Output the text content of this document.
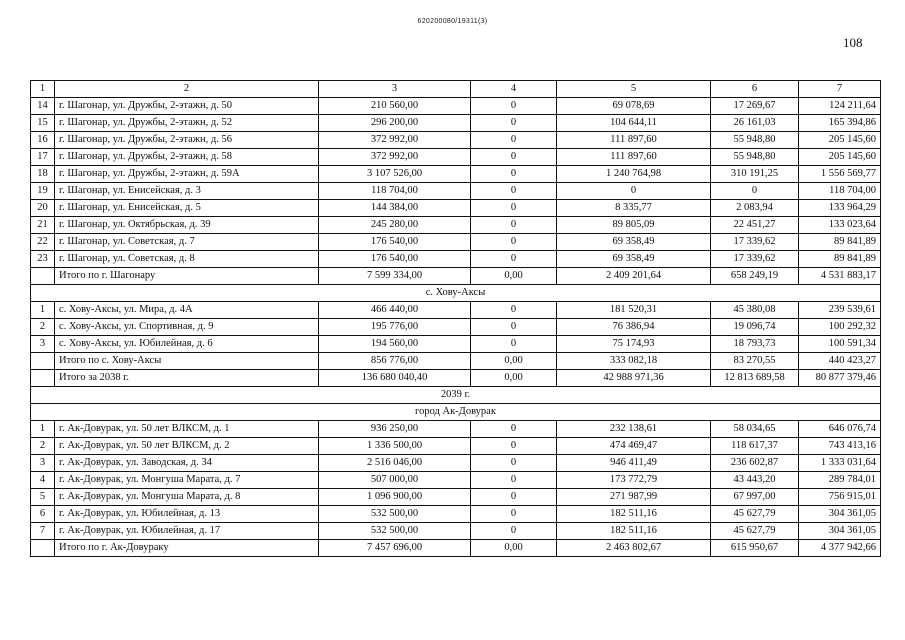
620200080/19311(3)
108
1	2	3	4	5	6	7
14	г. Шагонар, ул. Дружбы, 2-этажн, д. 50	210 560,00	0	69 078,69	17 269,67	124 211,64
15	г. Шагонар, ул. Дружбы, 2-этажн, д. 52	296 200,00	0	104 644,11	26 161,03	165 394,86
16	г. Шагонар, ул. Дружбы, 2-этажн, д. 56	372 992,00	0	111 897,60	55 948,80	205 145,60
17	г. Шагонар, ул. Дружбы, 2-этажн, д. 58	372 992,00	0	111 897,60	55 948,80	205 145,60
18	г. Шагонар, ул. Дружбы, 2-этажн, д. 59А	3 107 526,00	0	1 240 764,98	310 191,25	1 556 569,77
19	г. Шагонар, ул. Енисейская, д. 3	118 704,00	0	0	0	118 704,00
20	г. Шагонар, ул. Енисейская, д. 5	144 384,00	0	8 335,77	2 083,94	133 964,29
21	г. Шагонар, ул. Октябрьская, д. 39	245 280,00	0	89 805,09	22 451,27	133 023,64
22	г. Шагонар, ул. Советская, д. 7	176 540,00	0	69 358,49	17 339,62	89 841,89
23	г. Шагонар, ул. Советская, д. 8	176 540,00	0	69 358,49	17 339,62	89 841,89
	Итого по г. Шагонару	7 599 334,00	0,00	2 409 201,64	658 249,19	4 531 883,17
с. Хову-Аксы						
1	с. Хову-Аксы, ул. Мира, д. 4А	466 440,00	0	181 520,31	45 380,08	239 539,61
2	с. Хову-Аксы, ул. Спортивная, д. 9	195 776,00	0	76 386,94	19 096,74	100 292,32
3	с. Хову-Аксы, ул. Юбилейная, д. 6	194 560,00	0	75 174,93	18 793,73	100 591,34
	Итого по с. Хову-Аксы	856 776,00	0,00	333 082,18	83 270,55	440 423,27
	Итого за 2038 г.	136 680 040,40	0,00	42 988 971,36	12 813 689,58	80 877 379,46
2039 г.						
город Ак-Довурак						
1	г. Ак-Довурак, ул. 50 лет ВЛКСМ, д. 1	936 250,00	0	232 138,61	58 034,65	646 076,74
2	г. Ак-Довурак, ул. 50 лет ВЛКСМ, д. 2	1 336 500,00	0	474 469,47	118 617,37	743 413,16
3	г. Ак-Довурак, ул. Заводская, д. 34	2 516 046,00	0	946 411,49	236 602,87	1 333 031,64
4	г. Ак-Довурак, ул. Монгуша Марата, д. 7	507 000,00	0	173 772,79	43 443,20	289 784,01
5	г. Ак-Довурак, ул. Монгуша Марата, д. 8	1 096 900,00	0	271 987,99	67 997,00	756 915,01
6	г. Ак-Довурак, ул. Юбилейная, д. 13	532 500,00	0	182 511,16	45 627,79	304 361,05
7	г. Ак-Довурак, ул. Юбилейная, д. 17	532 500,00	0	182 511,16	45 627,79	304 361,05
	Итого по г. Ак-Довураку	7 457 696,00	0,00	2 463 802,67	615 950,67	4 377 942,66
